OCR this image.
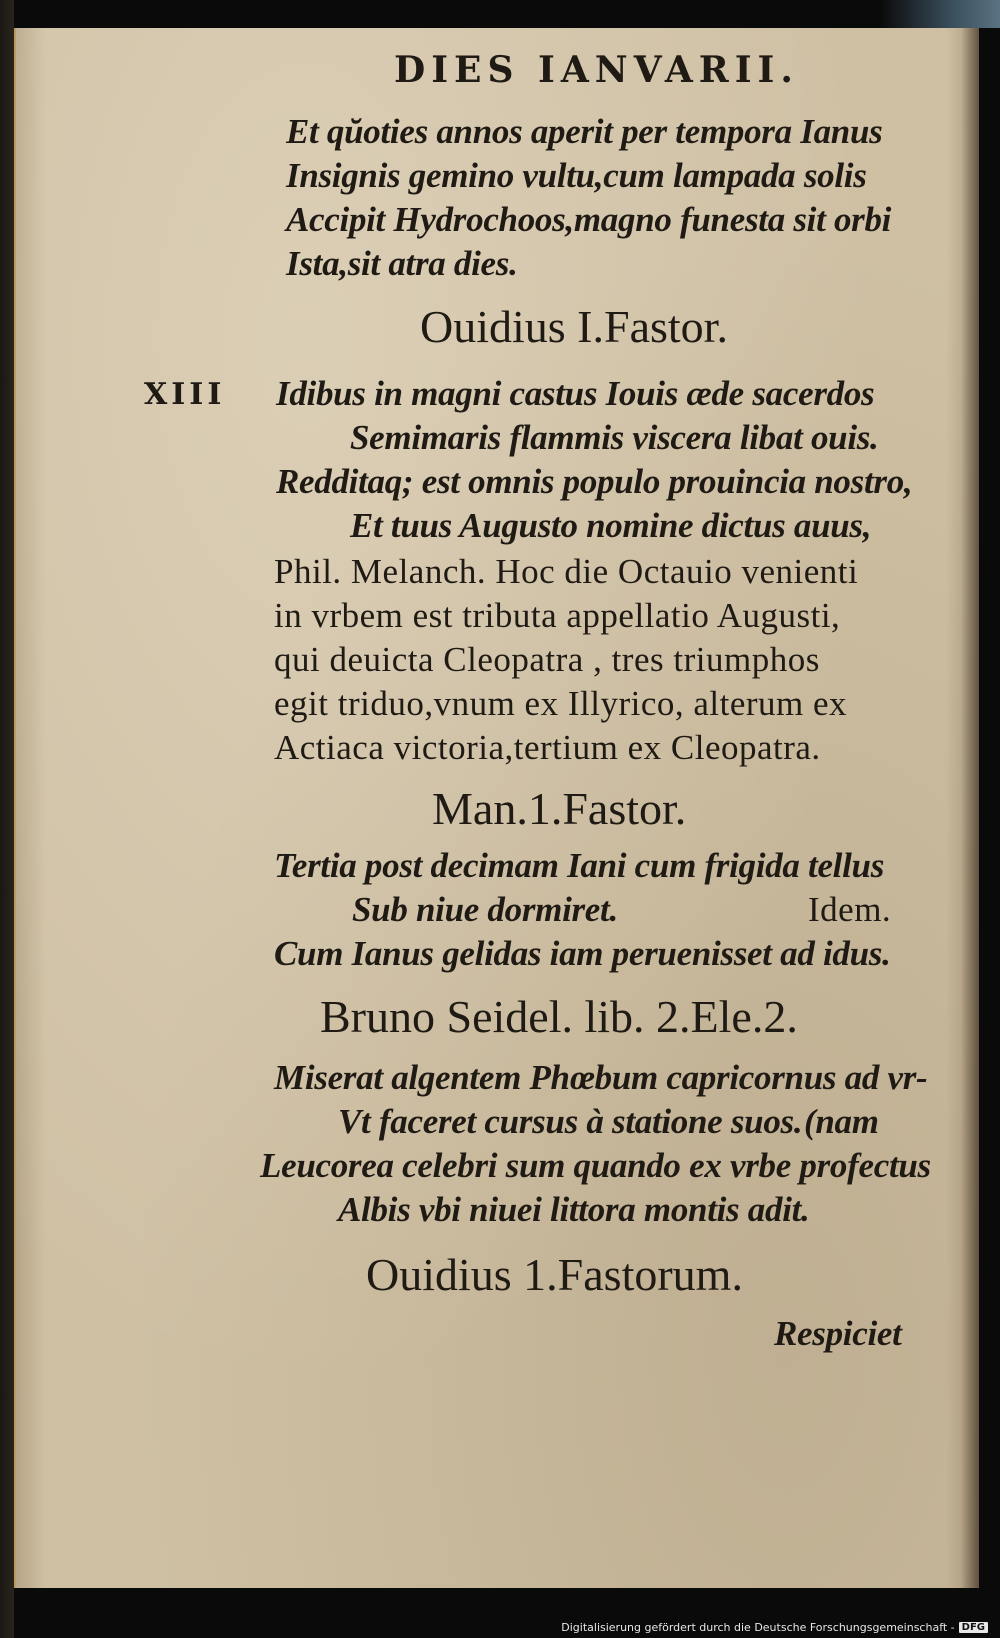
DIES IANVARII.
Et qŭoties annos aperit per tempora Ianus
Insignis gemino vultu,cum lampada solis
Accipit Hydrochoos,magno funesta sit orbi
Ista,sit atra dies.
Ouidius I.Fastor.
XIII Idibus in magni castus Iouis æde sacerdos
Semimaris flammis viscera libat ouis.
Redditaq; est omnis populo prouincia nostro,
Et tuus Augusto nomine dictus auus,
Phil. Melanch. Hoc die Octauio venienti
in vrbem est tributa appellatio Augusti,
qui deuicta Cleopatra , tres triumphos
egit triduo,vnum ex Illyrico, alterum ex
Actiaca victoria,tertium ex Cleopatra.
Man.1.Fastor.
Tertia post decimam Iani cum frigida tellus
Sub niue dormiret.	Idem.
Cum Ianus gelidas iam peruenisset ad idus.
Bruno Seidel. lib. 2.Ele.2.
Miserat algentem Phœbum capricornus ad vr-
Vt faceret cursus à statione suos. (nam
Leucorea celebri sum quando ex vrbe profectus
Albis vbi niuei littora montis adit.
Ouidius 1.Fastorum.
Respiciet
Digitalisierung gefördert durch die Deutsche Forschungsgemeinschaft - DFG
